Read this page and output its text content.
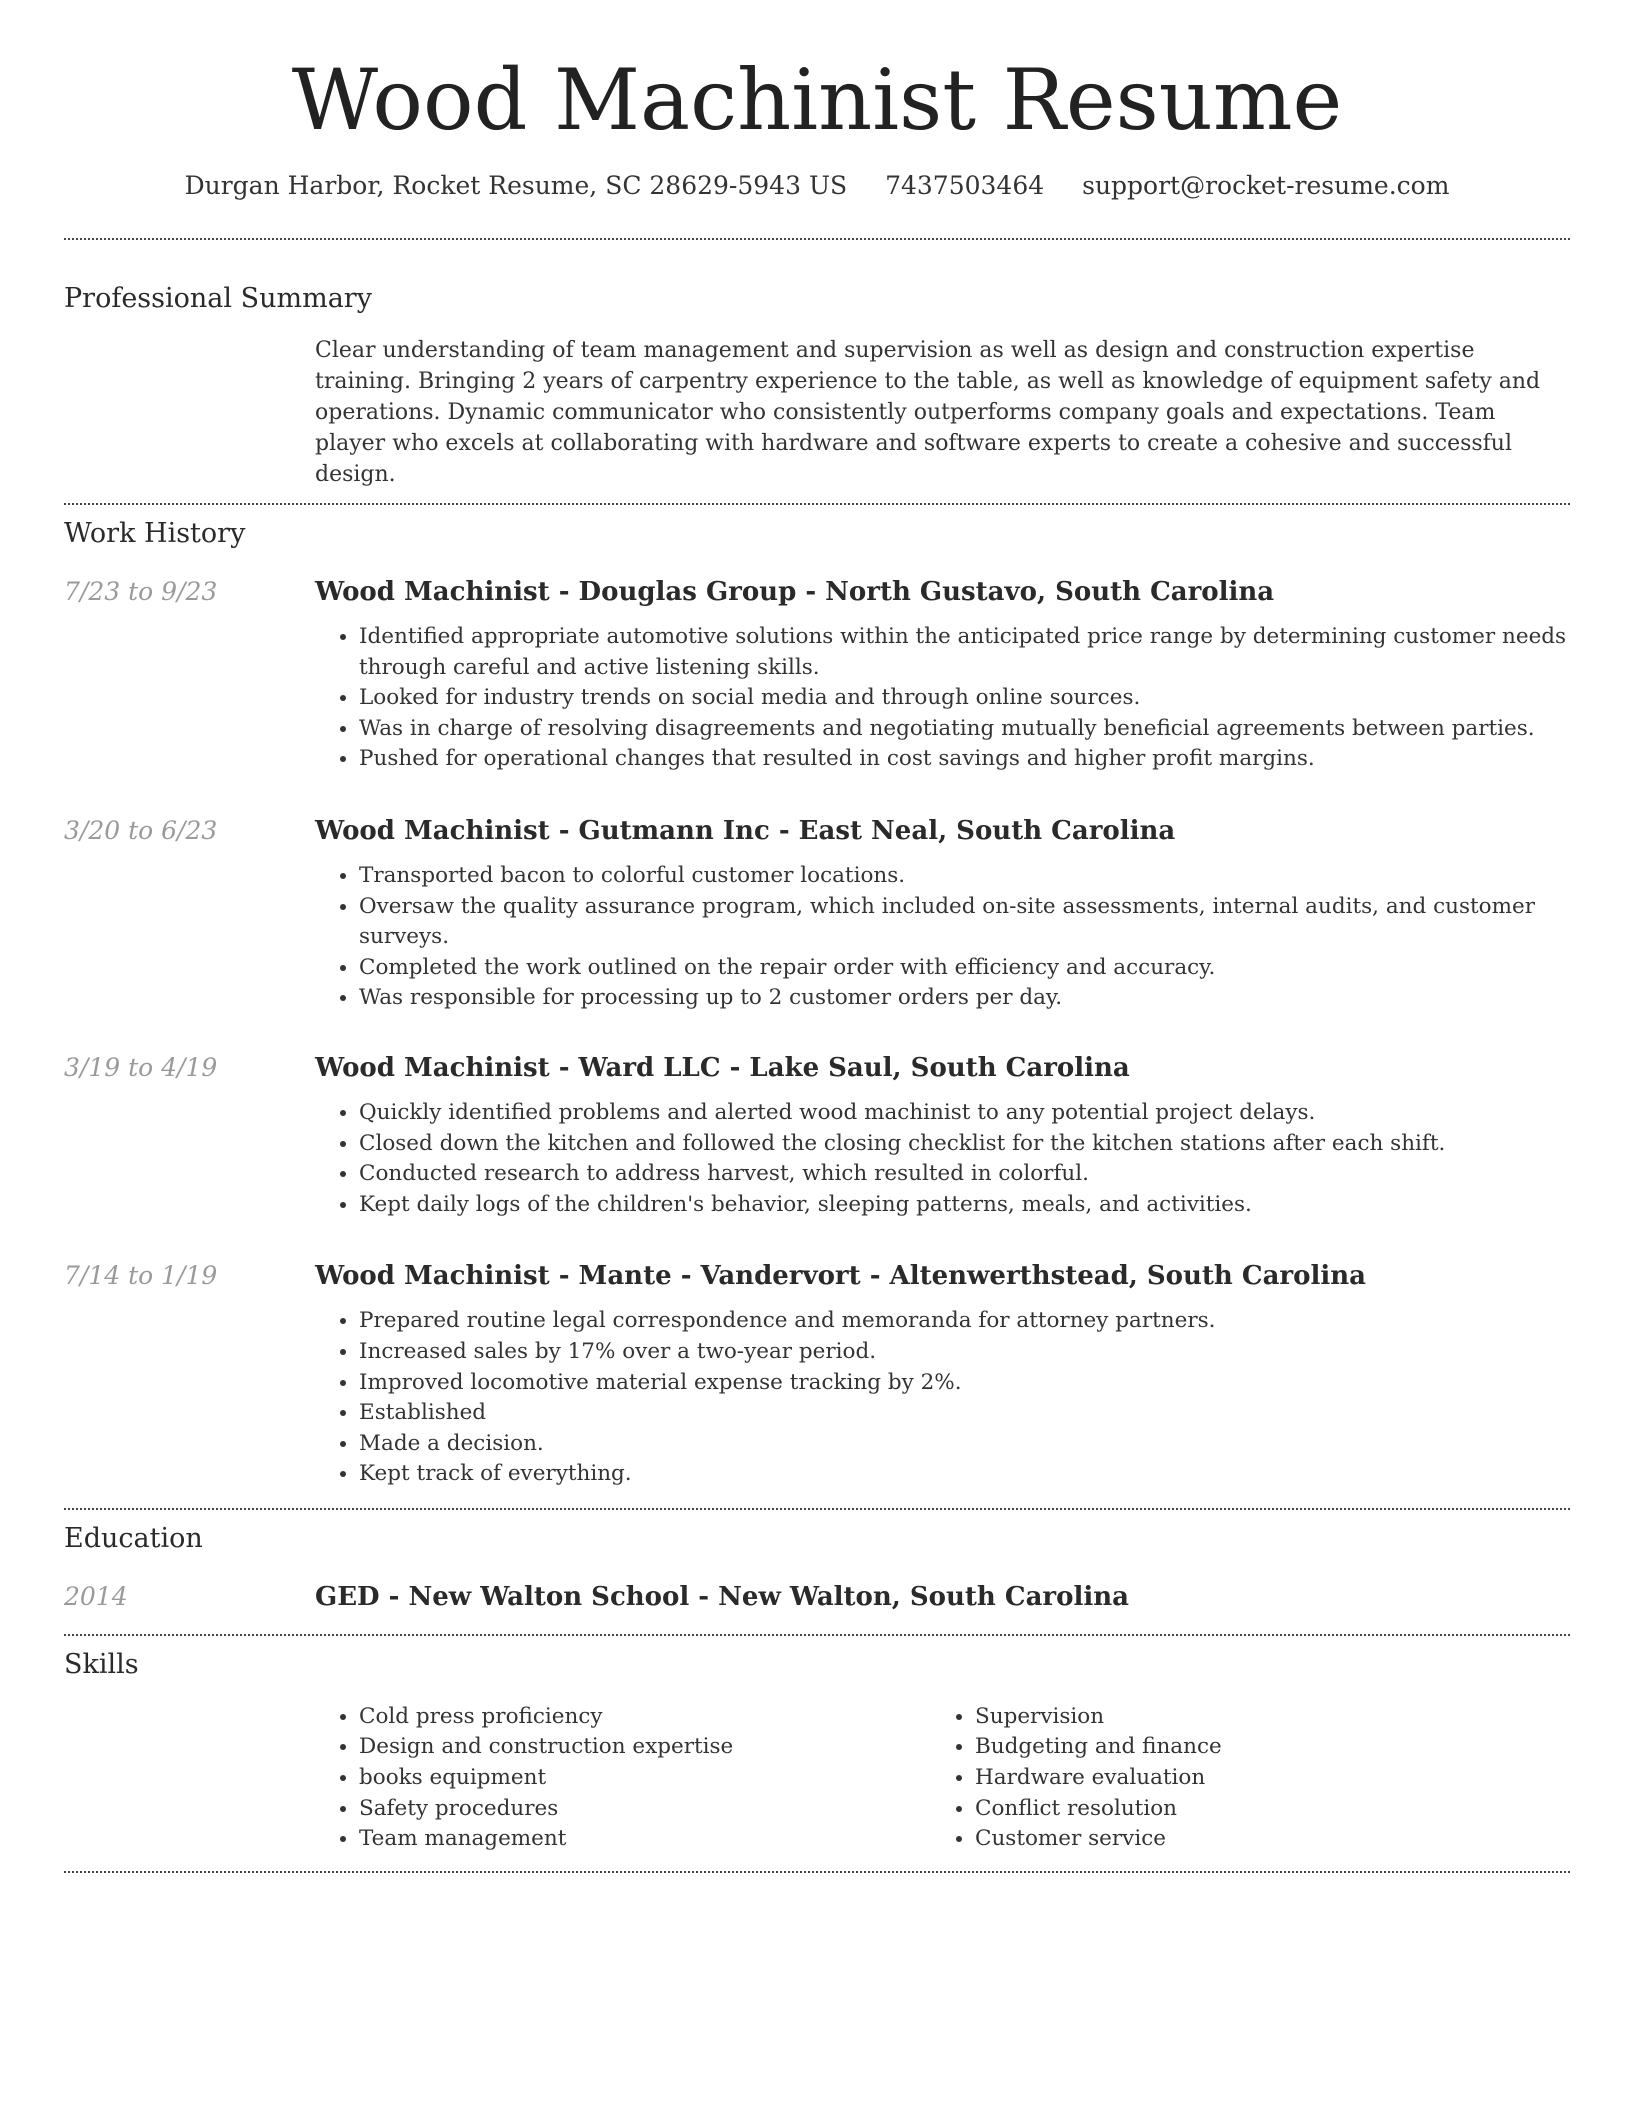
Wood Machinist Resume
Durgan Harbor, Rocket Resume, SC 28629-5943 US 7437503464 support@rocket-resume.com
Professional Summary

Clear understanding of team management and supervision as well as design and construction expertise training. Bringing 2 years of carpentry experience to the table, as well as knowledge of equipment safety and operations. Dynamic communicator who consistently outperforms company goals and expectations. Team player who excels at collaborating with hardware and software experts to create a cohesive and successful design.

Work History
7/23 to 9/23	Wood Machinist - Douglas Group - North Gustavo, South Carolina
• Identified appropriate automotive solutions within the anticipated price range by determining customer needs through careful and active listening skills.
• Looked for industry trends on social media and through online sources.
• Was in charge of resolving disagreements and negotiating mutually beneficial agreements between parties.
• Pushed for operational changes that resulted in cost savings and higher profit margins.
3/20 to 6/23	Wood Machinist - Gutmann Inc - East Neal, South Carolina
• Transported bacon to colorful customer locations.
• Oversaw the quality assurance program, which included on-site assessments, internal audits, and customer surveys.
• Completed the work outlined on the repair order with efficiency and accuracy.
• Was responsible for processing up to 2 customer orders per day.
3/19 to 4/19	Wood Machinist - Ward LLC - Lake Saul, South Carolina
• Quickly identified problems and alerted wood machinist to any potential project delays.
• Closed down the kitchen and followed the closing checklist for the kitchen stations after each shift.
• Conducted research to address harvest, which resulted in colorful.
• Kept daily logs of the children's behavior, sleeping patterns, meals, and activities.
7/14 to 1/19	Wood Machinist - Mante - Vandervort - Altenwerthstead, South Carolina
• Prepared routine legal correspondence and memoranda for attorney partners.
• Increased sales by 17% over a two-year period.
• Improved locomotive material expense tracking by 2%.
• Established
• Made a decision.
• Kept track of everything.
Education
2014	GED - New Walton School - New Walton, South Carolina
Skills
• Cold press proficiency
• Design and construction expertise
• books equipment
• Safety procedures
• Team management
• Supervision
• Budgeting and finance
• Hardware evaluation
• Conflict resolution
• Customer service
